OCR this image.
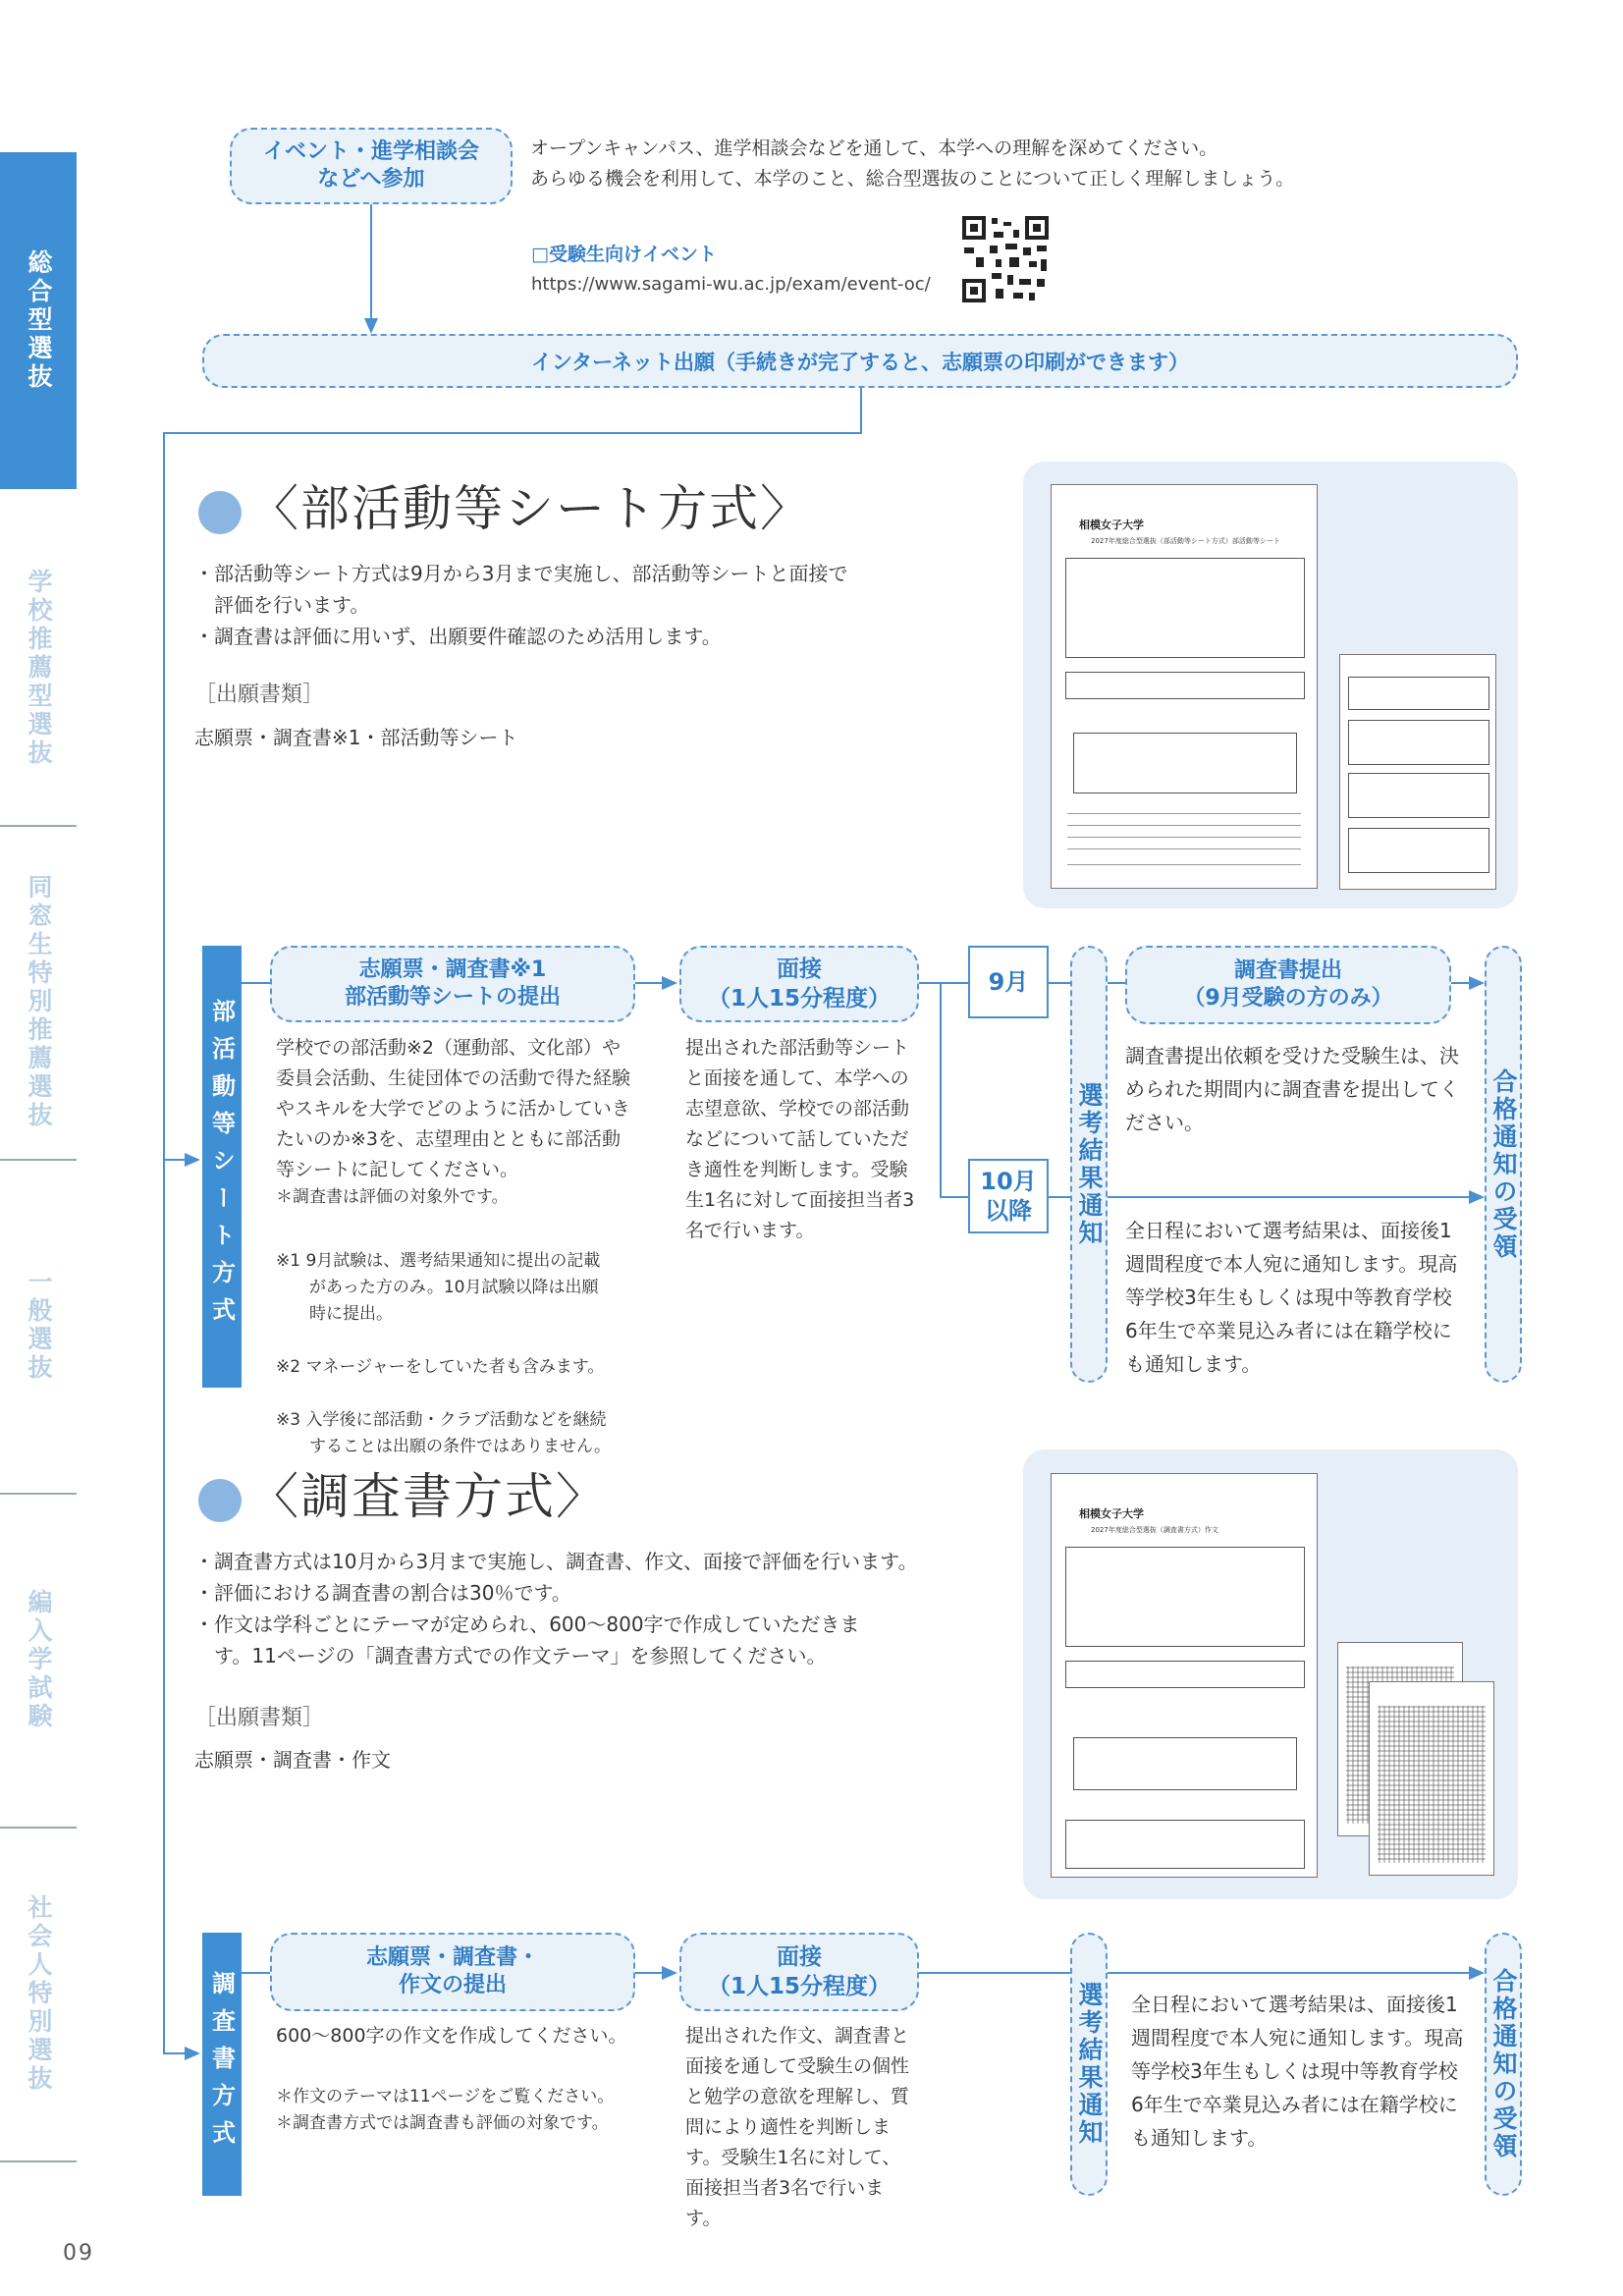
総合型選抜
学校推薦型選抜
同窓生特別推薦選抜
一般選抜
編入学試験
社会人特別選抜
イベント・進学相談会
などへ参加
オープンキャンパス、進学相談会などを通して、本学への理解を深めてください。
あらゆる機会を利用して、本学のこと、総合型選抜のことについて正しく理解しましょう。
□受験生向けイベント
https://www.sagami-wu.ac.jp/exam/event-oc/
インターネット出願（手続きが完了すると、志願票の印刷ができます）
〈部活動等シート方式〉
・部活動等シート方式は9月から3月まで実施し、部活動等シートと面接で
　評価を行います。
・調査書は評価に用いず、出願要件確認のため活用します。
［出願書類］
志願票・調査書※1・部活動等シート
相模女子大学
2027年度総合型選抜（部活動等シート方式）部活動等シート
部活動等シート方式
志願票・調査書※1
部活動等シートの提出
学校での部活動※2（運動部、文化部）や委員会活動、生徒団体での活動で得た経験やスキルを大学でどのように活かしていきたいのか※3を、志望理由とともに部活動等シートに記してください。
＊調査書は評価の対象外です。

※1 9月試験は、選考結果通知に提出の記載
　　があった方のみ。10月試験以降は出願
　　時に提出。

※2 マネージャーをしていた者も含みます。

※3 入学後に部活動・クラブ活動などを継続
　　することは出願の条件ではありません。

面接
（1人15分程度）
提出された部活動等シートと面接を通して、本学への志望意欲、学校での部活動などについて話していただき適性を判断します。受験生1名に対して面接担当者3名で行います。
9月
10月
以降	選考結果通知
調査書提出
（9月受験の方のみ）
調査書提出依頼を受けた受験生は、決められた期間内に調査書を提出してください。
全日程において選考結果は、面接後1週間程度で本人宛に通知します。現高等学校3年生もしくは現中等教育学校6年生で卒業見込み者には在籍学校にも通知します。
合格通知の受領
〈調査書方式〉
・調査書方式は10月から3月まで実施し、調査書、作文、面接で評価を行います。
・評価における調査書の割合は30％です。
・作文は学科ごとにテーマが定められ、600～800字で作成していただきま
　す。11ページの「調査書方式での作文テーマ」を参照してください。
［出願書類］
志願票・調査書・作文
相模女子大学
2027年度総合型選抜（調査書方式）作文
調査書方式
志願票・調査書・
作文の提出
600～800字の作文を作成してください。
＊作文のテーマは11ページをご覧ください。
＊調査書方式では調査書も評価の対象です。
面接
（1人15分程度）
提出された作文、調査書と面接を通して受験生の個性と勉学の意欲を理解し、質問により適性を判断します。受験生1名に対して、面接担当者3名で行います。
選考結果通知 全日程において選考結果は、面接後1週間程度で本人宛に通知します。現高等学校3年生もしくは現中等教育学校6年生で卒業見込み者には在籍学校にも通知します。	合格通知の受領
09
